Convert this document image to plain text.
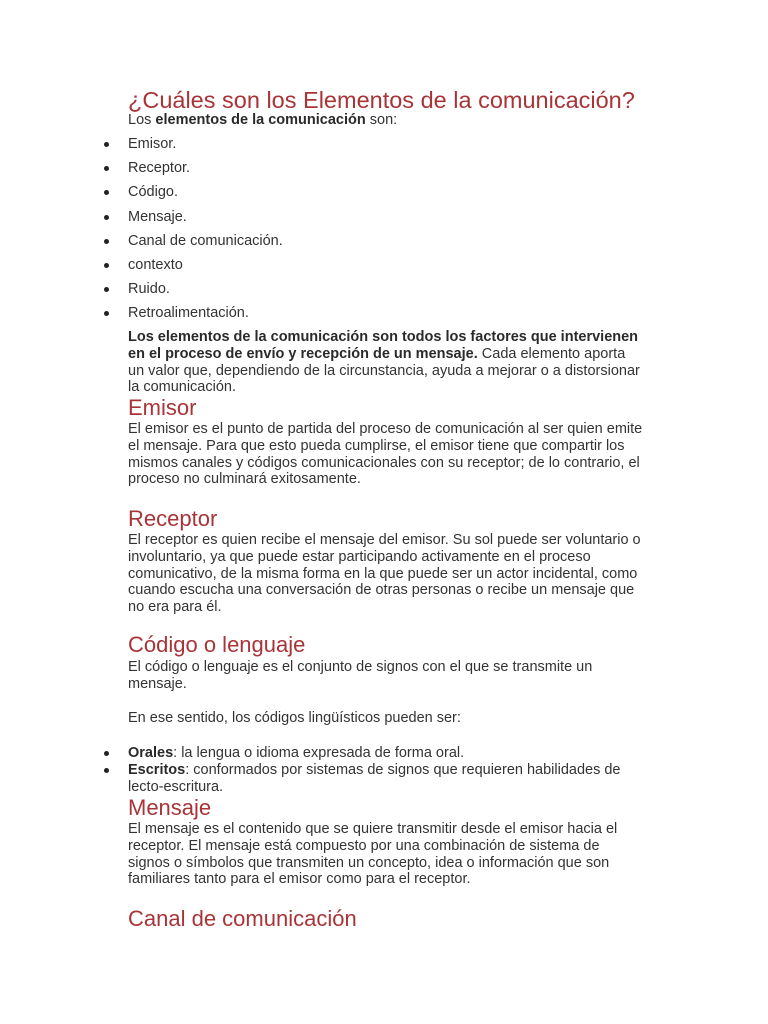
¿Cuáles son los Elementos de la comunicación?

Los elementos de la comunicación son:

Emisor.
Receptor.
Código.
Mensaje.
Canal de comunicación.
contexto
Ruido.
Retroalimentación.

Los elementos de la comunicación son todos los factores que intervienen en el proceso de envío y recepción de un mensaje. Cada elemento aporta un valor que, dependiendo de la circunstancia, ayuda a mejorar o a distorsionar la comunicación.

Emisor

El emisor es el punto de partida del proceso de comunicación al ser quien emite el mensaje. Para que esto pueda cumplirse, el emisor tiene que compartir los mismos canales y códigos comunicacionales con su receptor; de lo contrario, el proceso no culminará exitosamente.

Receptor

El receptor es quien recibe el mensaje del emisor. Su sol puede ser voluntario o involuntario, ya que puede estar participando activamente en el proceso comunicativo, de la misma forma en la que puede ser un actor incidental, como cuando escucha una conversación de otras personas o recibe un mensaje que no era para él.

Código o lenguaje

El código o lenguaje es el conjunto de signos con el que se transmite un mensaje.

En ese sentido, los códigos lingüísticos pueden ser:

Orales: la lengua o idioma expresada de forma oral.
Escritos: conformados por sistemas de signos que requieren habilidades de lecto-escritura.
Mensaje

El mensaje es el contenido que se quiere transmitir desde el emisor hacia el receptor. El mensaje está compuesto por una combinación de sistema de signos o símbolos que transmiten un concepto, idea o información que son familiares tanto para el emisor como para el receptor.

Canal de comunicación
